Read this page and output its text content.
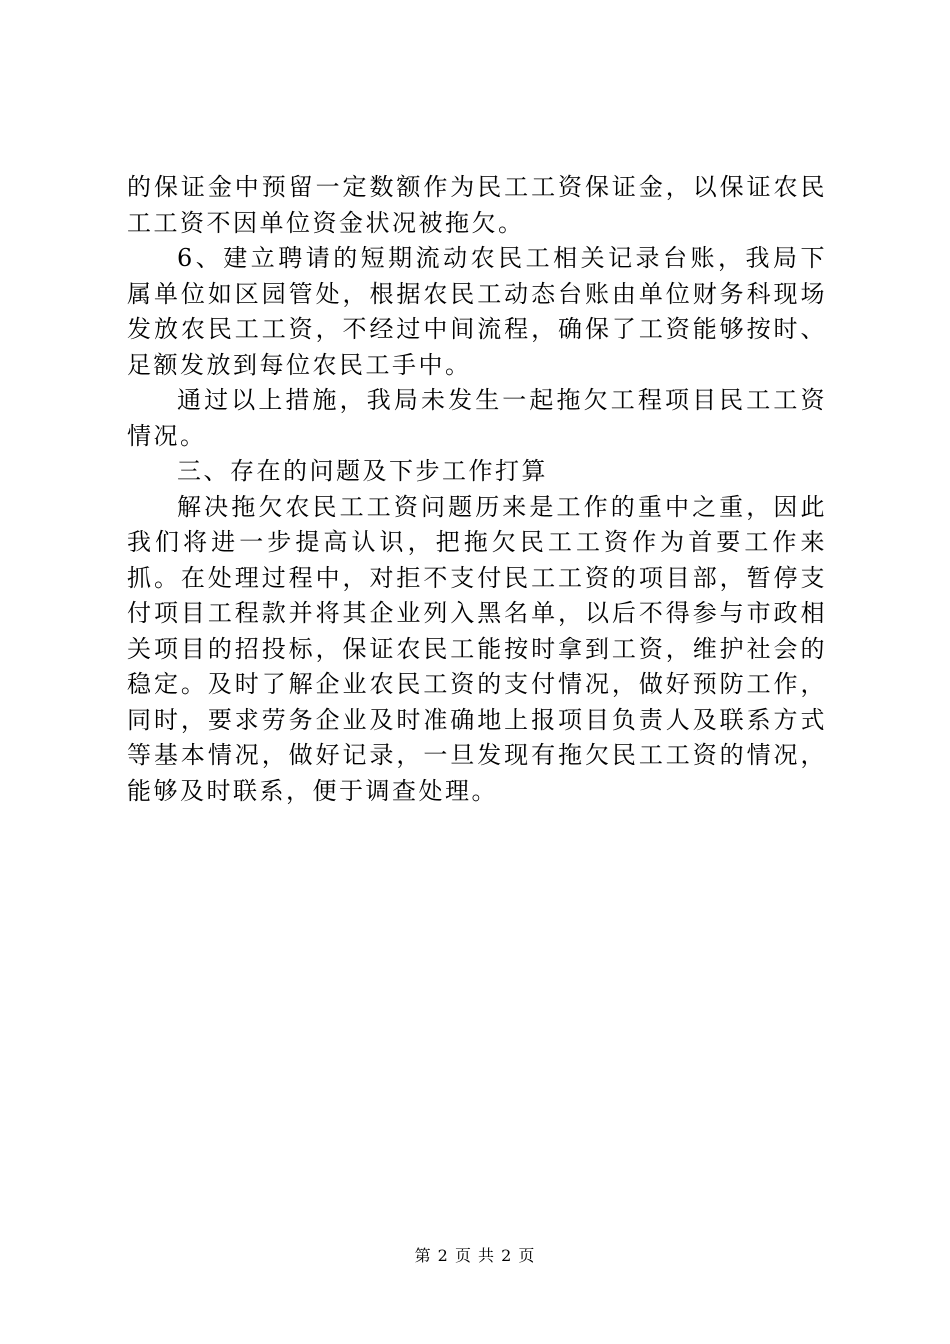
的保证金中预留一定数额作为民工工资保证金，以保证农民工工资不因单位资金状况被拖欠。

6、建立聘请的短期流动农民工相关记录台账，我局下属单位如区园管处，根据农民工动态台账由单位财务科现场发放农民工工资，不经过中间流程，确保了工资能够按时、足额发放到每位农民工手中。

通过以上措施，我局未发生一起拖欠工程项目民工工资情况。

三、存在的问题及下步工作打算

解决拖欠农民工工资问题历来是工作的重中之重，因此我们将进一步提高认识，把拖欠民工工资作为首要工作来抓。在处理过程中，对拒不支付民工工资的项目部，暂停支付项目工程款并将其企业列入黑名单，以后不得参与市政相关项目的招投标，保证农民工能按时拿到工资，维护社会的稳定。及时了解企业农民工资的支付情况，做好预防工作，同时，要求劳务企业及时准确地上报项目负责人及联系方式等基本情况，做好记录，一旦发现有拖欠民工工资的情况，能够及时联系，便于调查处理。

第 2 页 共 2 页
